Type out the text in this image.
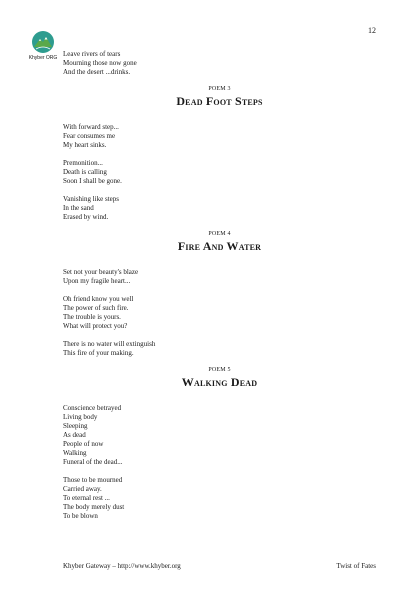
12
Khyber ORG Leave rivers of tears
Mourning those now gone
And the desert ...drinks.
POEM 3
Dead Foot Steps
With forward step...
Fear consumes me
My heart sinks.
Premonition...
Death is calling
Soon I shall be gone.
Vanishing like steps
In the sand
Erased by wind.
POEM 4
Fire And Water
Set not your beauty's blaze
Upon my fragile heart...
Oh friend know you well
The power of such fire.
The trouble is yours.
What will protect you?
There is no water will extinguish
This fire of your making.
POEM 5
Walking Dead
Conscience betrayed
Living body
Sleeping
As dead
People of now
Walking
Funeral of the dead...
Those to be mourned
Carried away.
To eternal rest ...
The body merely dust
To be blown
Khyber Gateway – http://www.khyber.org	Twist of Fates
